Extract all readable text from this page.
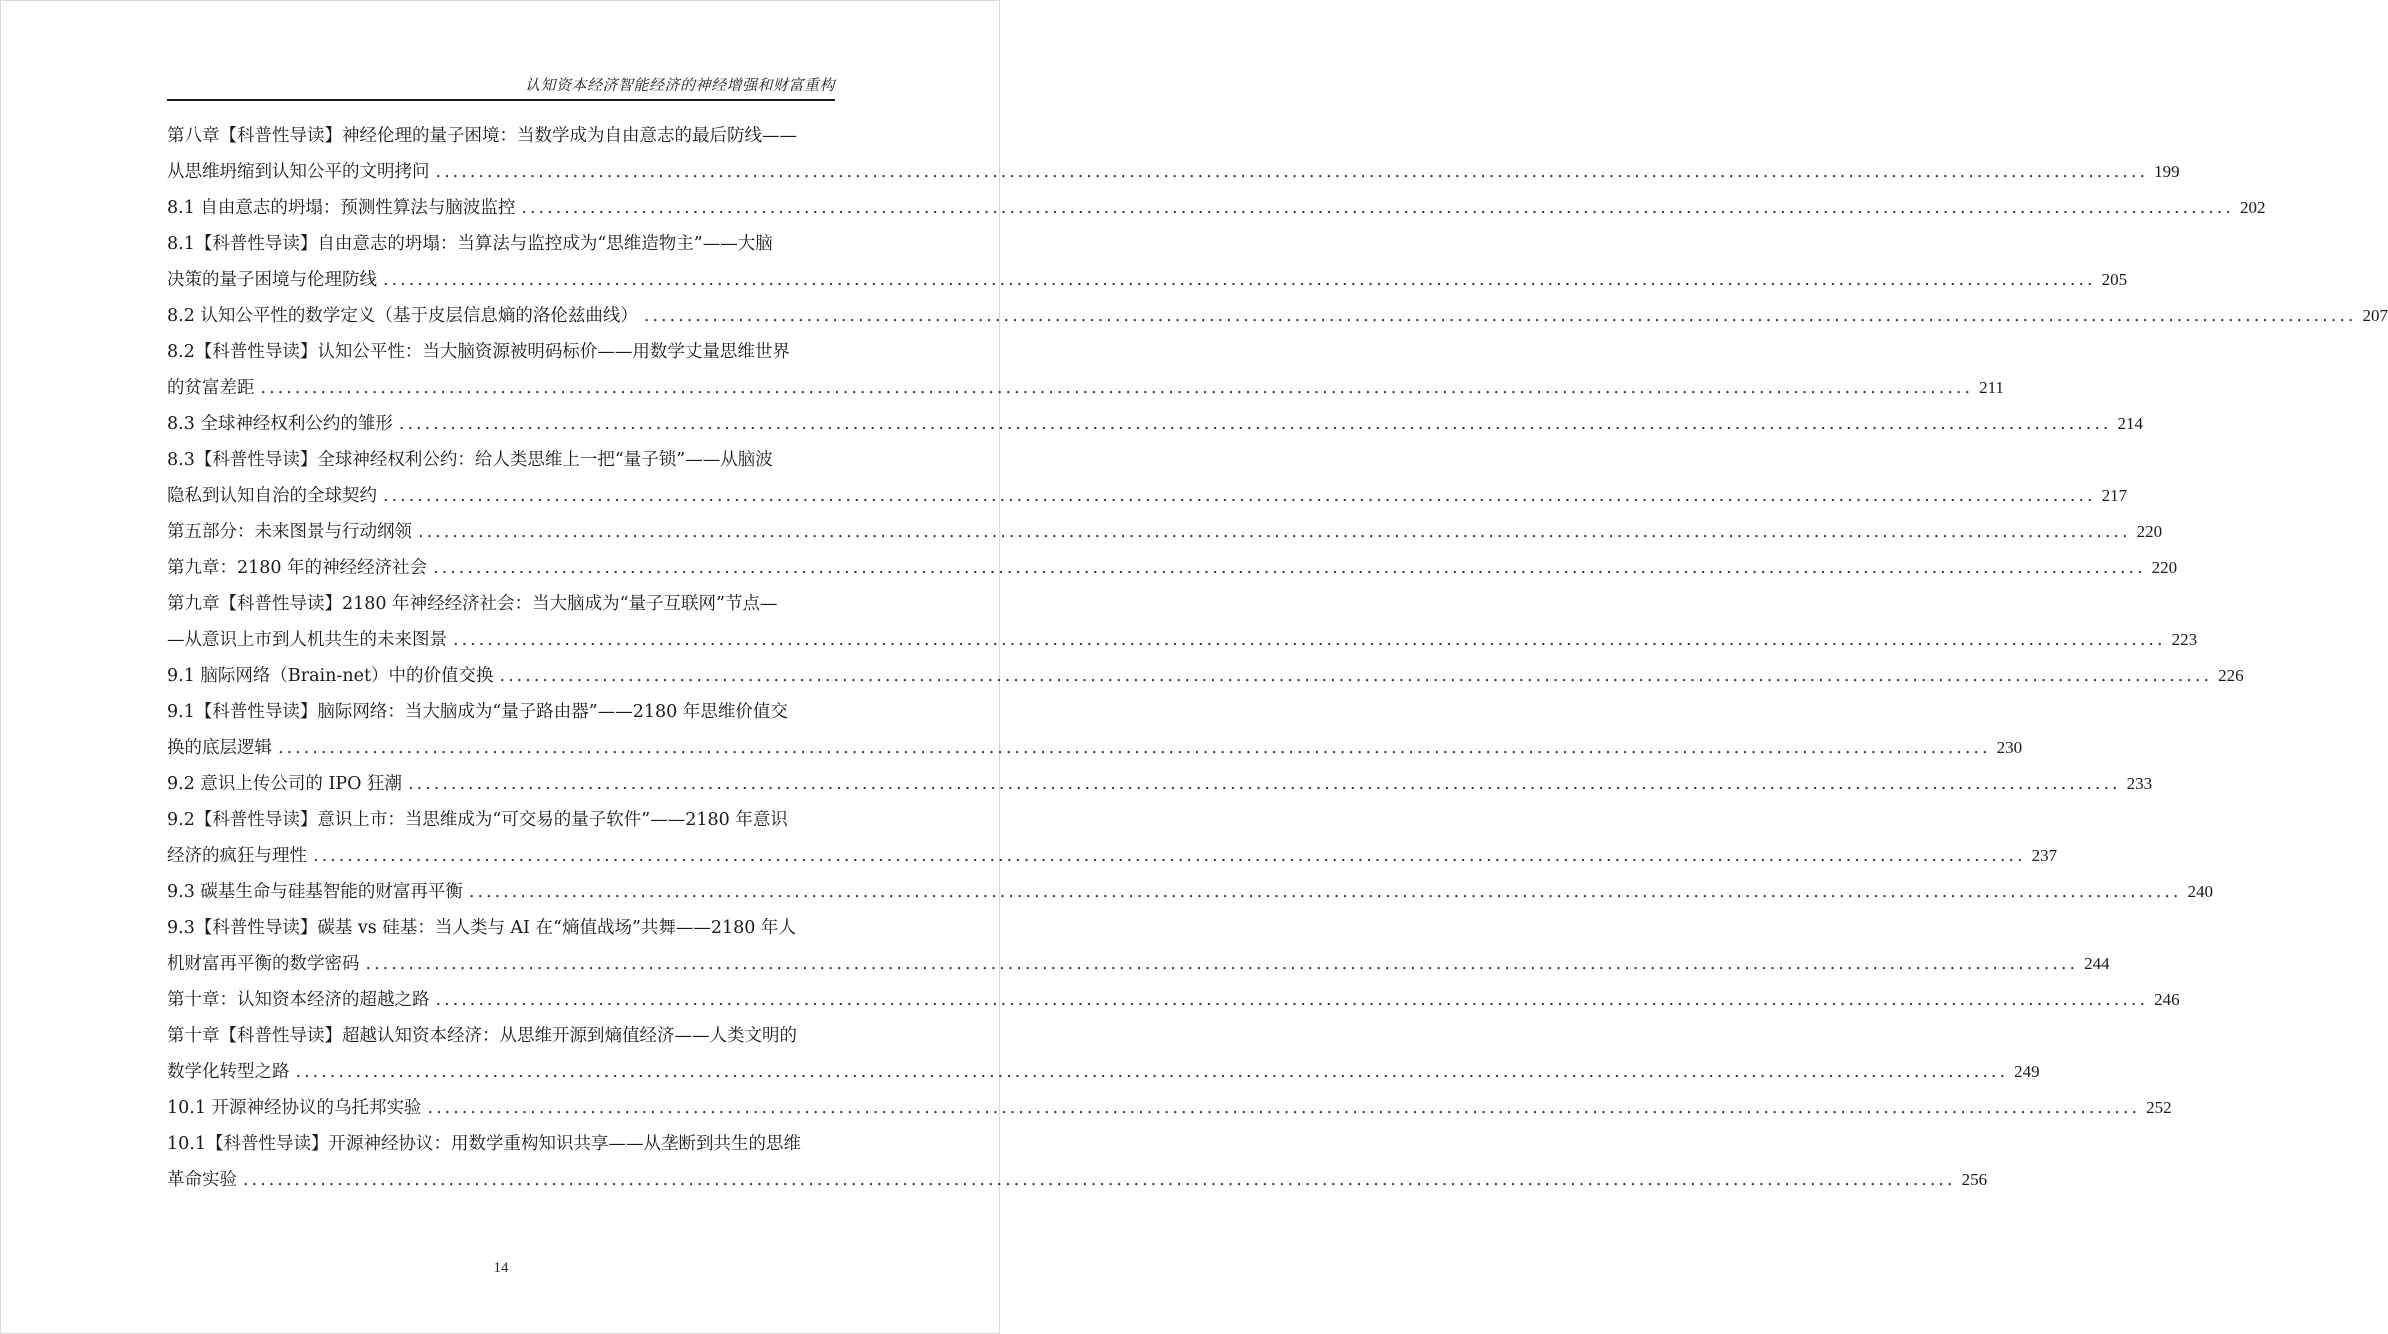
认知资本经济智能经济的神经增强和财富重构
第八章【科普性导读】神经伦理的量子困境：当数学成为自由意志的最后防线——
从思维坍缩到认知公平的文明拷问 ........................................................................................................................................................................................................ 199
8.1 自由意志的坍塌：预测性算法与脑波监控 ........................................................................................................................................................................................................ 202
8.1【科普性导读】自由意志的坍塌：当算法与监控成为“思维造物主”——大脑
决策的量子困境与伦理防线 ........................................................................................................................................................................................................ 205
8.2 认知公平性的数学定义（基于皮层信息熵的洛伦兹曲线） ........................................................................................................................................................................................................ 207
8.2【科普性导读】认知公平性：当大脑资源被明码标价——用数学丈量思维世界
的贫富差距 ........................................................................................................................................................................................................ 211
8.3 全球神经权利公约的雏形 ........................................................................................................................................................................................................ 214
8.3【科普性导读】全球神经权利公约：给人类思维上一把“量子锁”——从脑波
隐私到认知自治的全球契约 ........................................................................................................................................................................................................ 217
第五部分：未来图景与行动纲领 ........................................................................................................................................................................................................ 220
第九章：2180 年的神经经济社会 ........................................................................................................................................................................................................ 220
第九章【科普性导读】2180 年神经经济社会：当大脑成为“量子互联网”节点—
—从意识上市到人机共生的未来图景 ........................................................................................................................................................................................................ 223
9.1 脑际网络（Brain-net）中的价值交换 ........................................................................................................................................................................................................ 226
9.1【科普性导读】脑际网络：当大脑成为“量子路由器”——2180 年思维价值交
换的底层逻辑 ........................................................................................................................................................................................................ 230
9.2 意识上传公司的 IPO 狂潮 ........................................................................................................................................................................................................ 233
9.2【科普性导读】意识上市：当思维成为“可交易的量子软件”——2180 年意识
经济的疯狂与理性 ........................................................................................................................................................................................................ 237
9.3 碳基生命与硅基智能的财富再平衡 ........................................................................................................................................................................................................ 240
9.3【科普性导读】碳基 vs 硅基：当人类与 AI 在“熵值战场”共舞——2180 年人
机财富再平衡的数学密码 ........................................................................................................................................................................................................ 244
第十章：认知资本经济的超越之路 ........................................................................................................................................................................................................ 246
第十章【科普性导读】超越认知资本经济：从思维开源到熵值经济——人类文明的
数学化转型之路 ........................................................................................................................................................................................................ 249
10.1 开源神经协议的乌托邦实验 ........................................................................................................................................................................................................ 252
10.1【科普性导读】开源神经协议：用数学重构知识共享——从垄断到共生的思维
革命实验 ........................................................................................................................................................................................................ 256
14
